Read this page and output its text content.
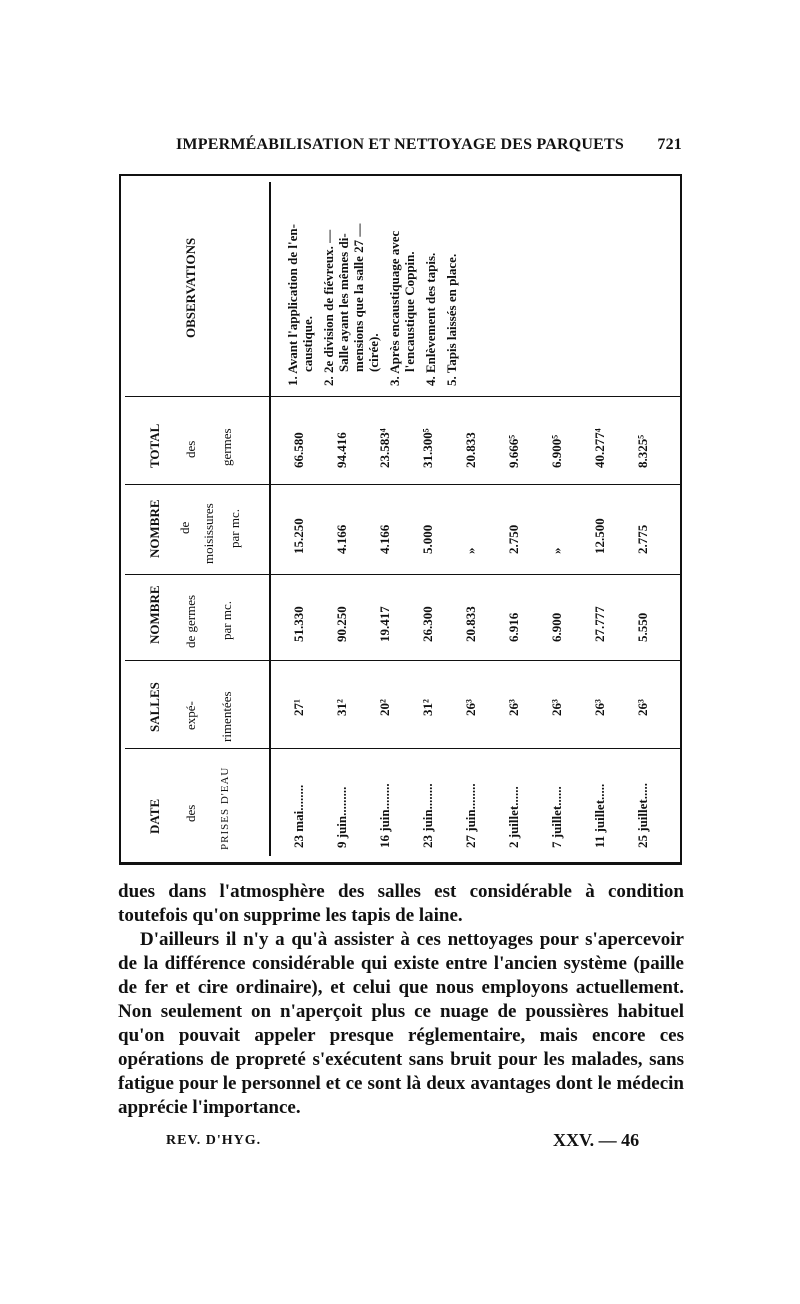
IMPERMÉABILISATION ET NETTOYAGE DES PARQUETS 721
DATE des PRISES D'EAU
SALLES expé- rimentées
NOMBRE de germes par mc.
NOMBRE de moisissures par mc.
TOTAL des germes
OBSERVATIONS
23 mai........
27¹
51.330
15.250
66.580
9 juin.........
31²
90.250
4.166
94.416
16 juin........
20²
19.417
4.166
23.583⁴
23 juin........
31²
26.300
5.000
31.300⁵
27 juin........
26³
20.833
»
20.833
2 juillet......
26³
6.916
2.750
9.666⁵
7 juillet......
26³
6.900
»
6.900⁵
11 juillet.....
26³
27.777
12.500
40.277⁴
25 juillet.....
26³
5.550
2.775
8.325⁵
1. Avant l'application de l'en- caustique. 2. 2e division de fiévreux. — Salle ayant les mêmes di- mensions que la salle 27 — (cirée). 3. Après encaustiquage avec l'encaustique Coppin. 4. Enlèvement des tapis. 5. Tapis laissés en place.

dues dans l'atmosphère des salles est considérable à condition toutefois qu'on supprime les tapis de laine.

D'ailleurs il n'y a qu'à assister à ces nettoyages pour s'apercevoir de la différence considérable qui existe entre l'ancien système (paille de fer et cire ordinaire), et celui que nous employons actuellement. Non seulement on n'aperçoit plus ce nuage de poussières habituel qu'on pouvait appeler presque réglementaire, mais encore ces opérations de propreté s'exécutent sans bruit pour les malades, sans fatigue pour le personnel et ce sont là deux avantages dont le médecin apprécie l'importance.

REV. D'HYG.	XXV. — 46
